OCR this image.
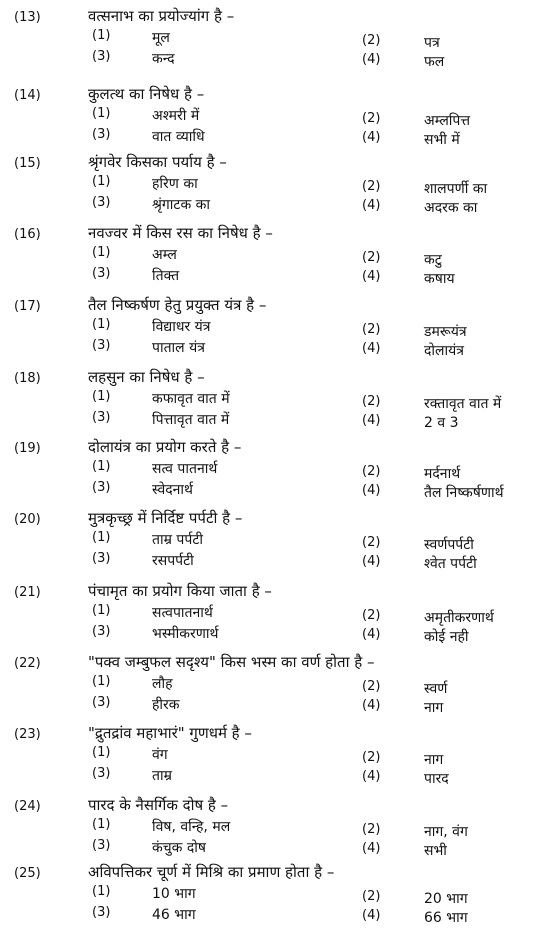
(13)	वत्सनाभ का प्रयोज्यांग है –
(1)	मूल	(2)	पत्र
(3)	कन्द	(4)	फल
(14)	कुलत्थ का निषेध है –
(1)	अश्मरी में	(2)	अम्लपित्त
(3)	वात व्याधि	(4)	सभी में
(15)	श्रृंगवेर किसका पर्याय है –
(1)	हरिण का	(2)	शालपर्णी का
(3)	श्रृंगाटक का	(4)	अदरक का
(16)	नवज्वर में किस रस का निषेध है –
(1)	अम्ल	(2)	कटु
(3)	तिक्त	(4)	कषाय
(17)	तैल निष्कर्षण हेतु प्रयुक्त यंत्र है –
(1)	विद्याधर यंत्र	(2)	डमरूयंत्र
(3)	पाताल यंत्र	(4)	दोलायंत्र
(18)	लहसुन का निषेध है –
(1)	कफावृत वात में	(2)	रक्तावृत वात में
(3)	पित्तावृत वात में	(4)	2 व 3
(19)	दोलायंत्र का प्रयोग करते है –
(1)	सत्व पातनार्थ	(2)	मर्दनार्थ
(3)	स्वेदनार्थ	(4)	तैल निष्कर्षणार्थ
(20)	मुत्रकृच्छ्र में निर्दिष्ट पर्पटी है –
(1)	ताम्र पर्पटी	(2)	स्वर्णपर्पटी
(3)	रसपर्पटी	(4)	श्वेत पर्पटी
(21)	पंचामृत का प्रयोग किया जाता है –
(1)	सत्वपातनार्थ	(2)	अमृतीकरणार्थ
(3)	भस्मीकरणार्थ	(4)	कोई नही
(22)	"पक्व जम्बुफल सदृश्य" किस भस्म का वर्ण होता है –
(1)	लौह	(2)	स्वर्ण
(3)	हीरक	(4)	नाग
(23)	"द्रुतद्रांव महाभारं" गुणधर्म है –
(1)	वंग	(2)	नाग
(3)	ताम्र	(4)	पारद
(24)	पारद के नैसर्गिक दोष है –
(1)	विष, वन्हि, मल	(2)	नाग, वंग
(3)	कंचुक दोष	(4)	सभी
(25)	अविपत्तिकर चूर्ण में मिश्रि का प्रमाण होता है –
(1)	10 भाग	(2)	20 भाग
(3)	46 भाग	(4)	66 भाग
